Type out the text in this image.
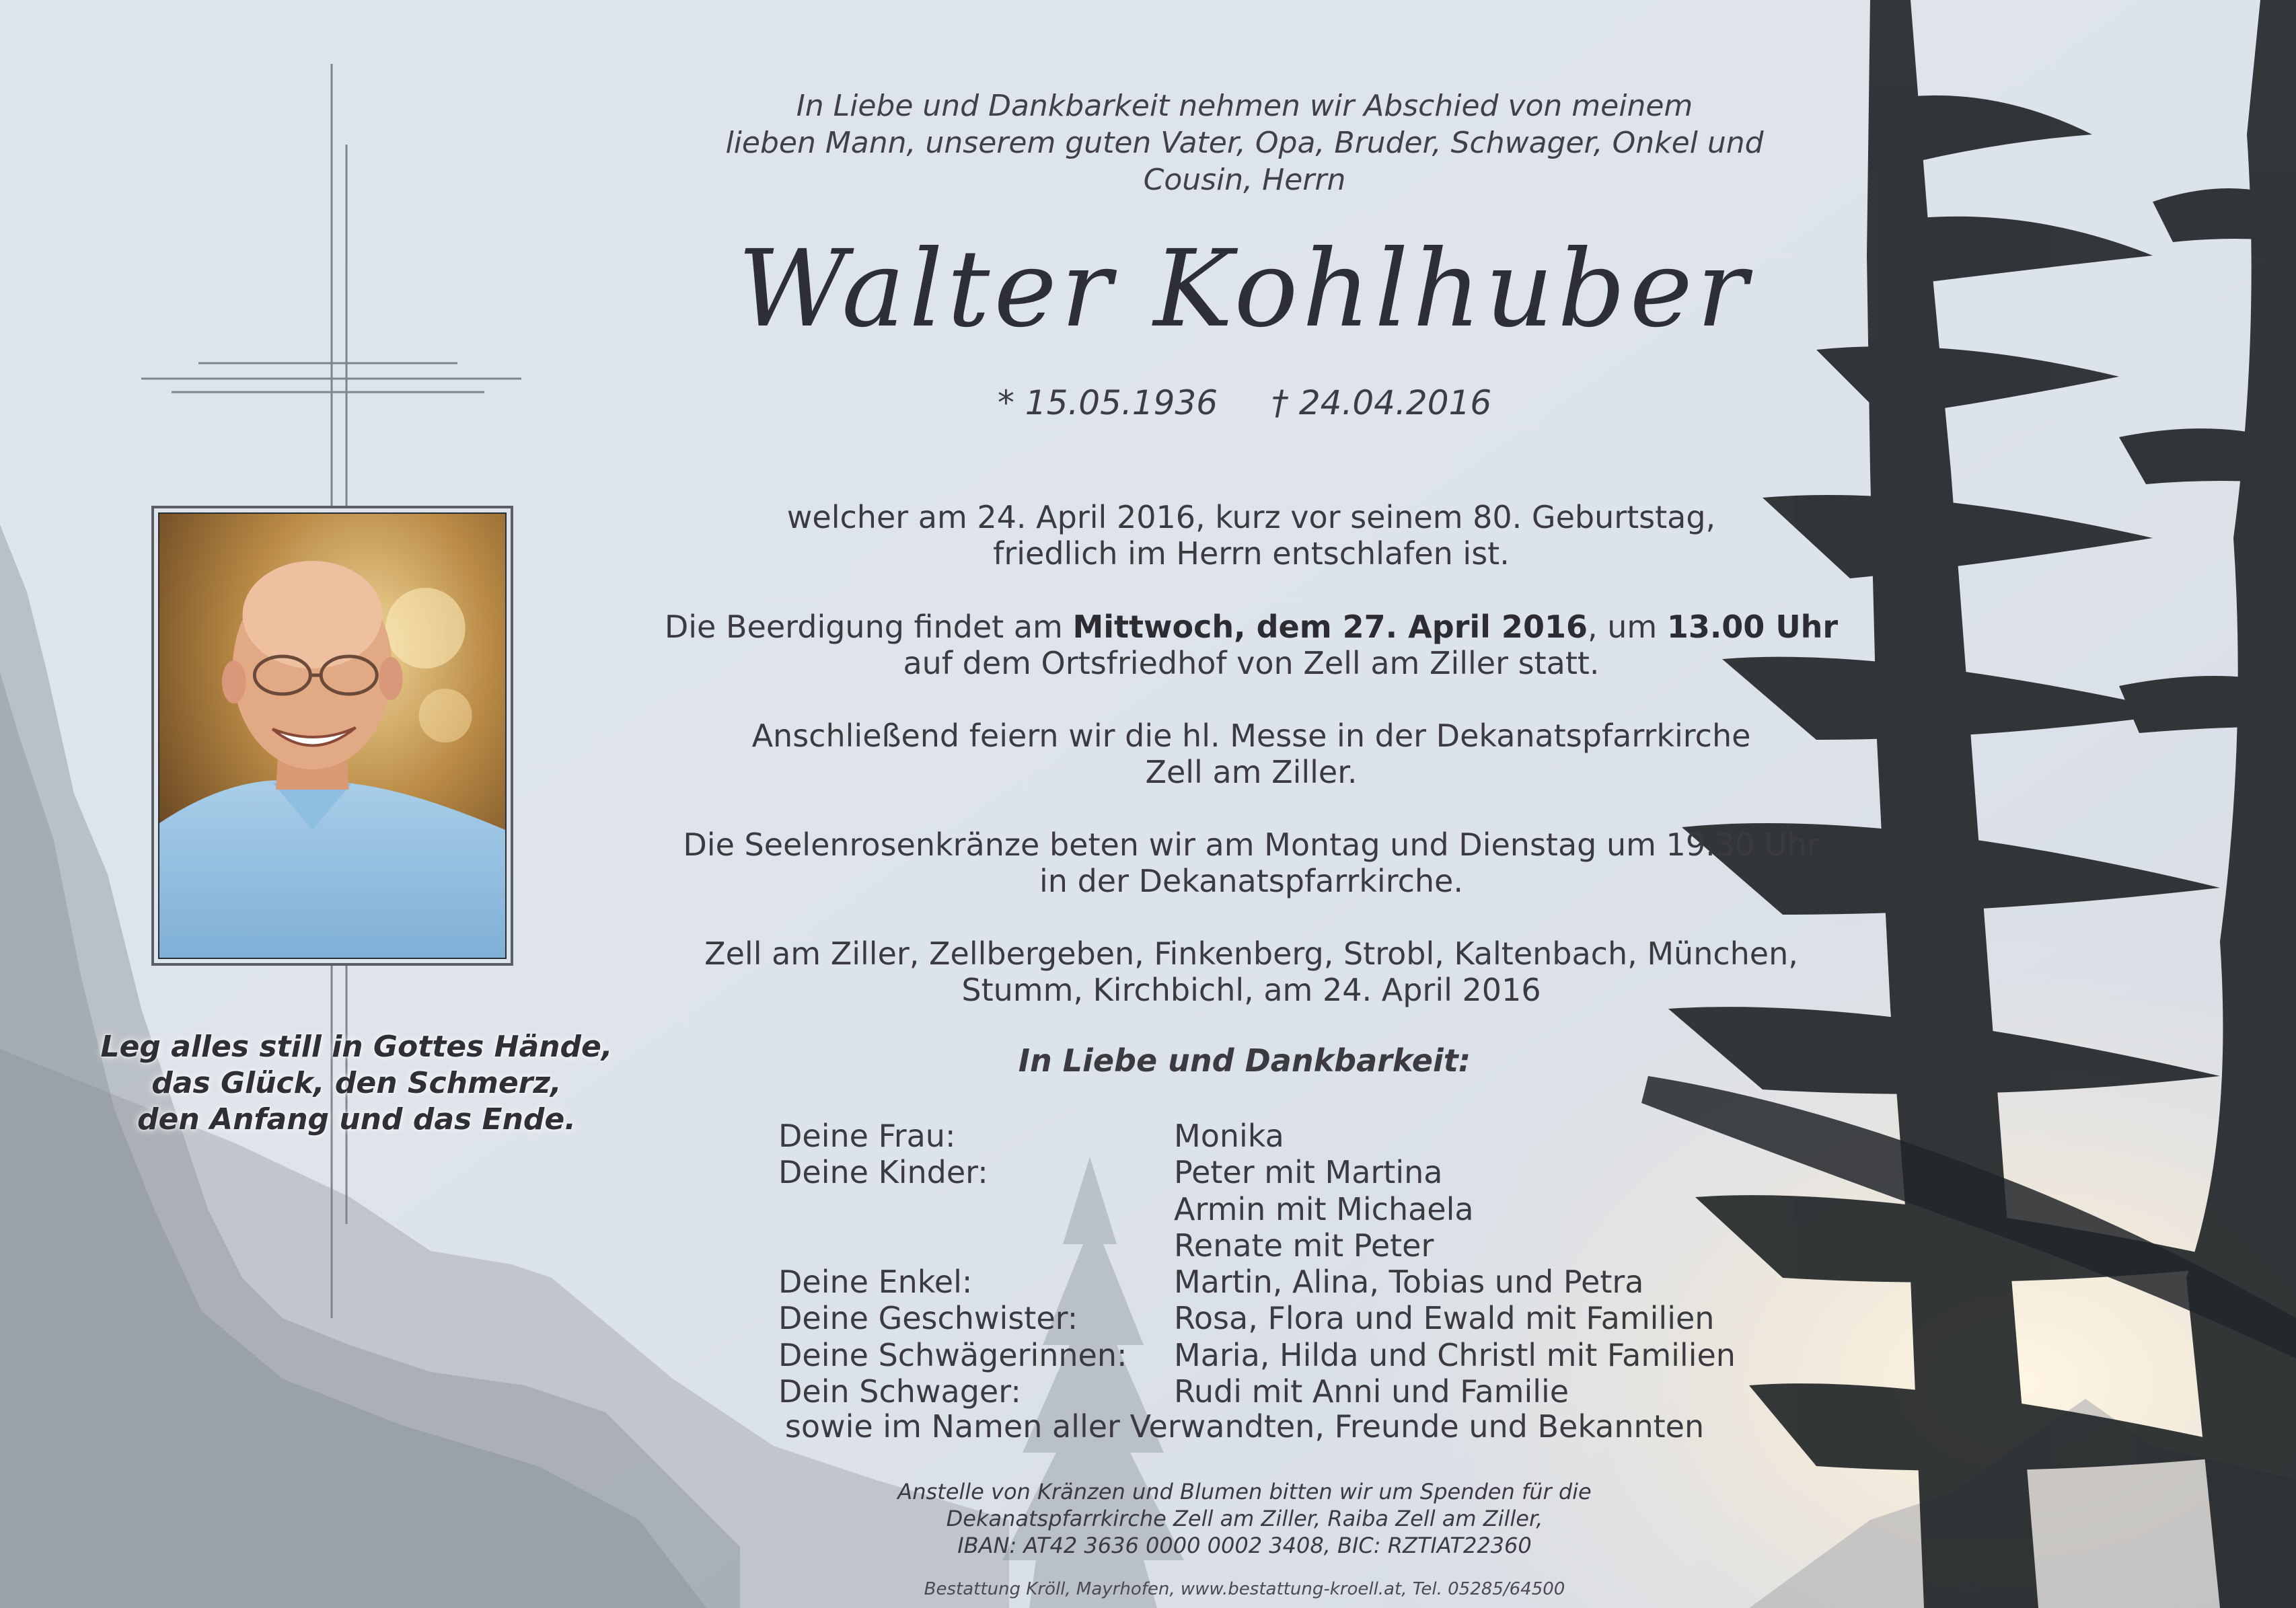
In Liebe und Dankbarkeit nehmen wir Abschied von meinem
lieben Mann, unserem guten Vater, Opa, Bruder, Schwager, Onkel und
Cousin, Herrn
Walter Kohlhuber
* 15.05.1936 † 24.04.2016
welcher am 24. April 2016, kurz vor seinem 80. Geburtstag,
friedlich im Herrn entschlafen ist.
Die Beerdigung findet am Mittwoch, dem 27. April 2016, um 13.00 Uhr
auf dem Ortsfriedhof von Zell am Ziller statt.
Anschließend feiern wir die hl. Messe in der Dekanatspfarrkirche
Zell am Ziller.
Die Seelenrosenkränze beten wir am Montag und Dienstag um 19.30 Uhr
in der Dekanatspfarrkirche.
Zell am Ziller, Zellbergeben, Finkenberg, Strobl, Kaltenbach, München,
Stumm, Kirchbichl, am 24. April 2016
In Liebe und Dankbarkeit:
Deine Frau:	Monika
Deine Kinder:	Peter mit Martina
Armin mit Michaela
Renate mit Peter
Deine Enkel:	Martin, Alina, Tobias und Petra
Deine Geschwister:	Rosa, Flora und Ewald mit Familien
Deine Schwägerinnen:	Maria, Hilda und Christl mit Familien
Dein Schwager:	Rudi mit Anni und Familie
sowie im Namen aller Verwandten, Freunde und Bekannten
Anstelle von Kränzen und Blumen bitten wir um Spenden für die
Dekanatspfarrkirche Zell am Ziller, Raiba Zell am Ziller,
IBAN: AT42 3636 0000 0002 3408, BIC: RZTIAT22360
Bestattung Kröll, Mayrhofen, www.bestattung-kroell.at, Tel. 05285/64500
Leg alles still in Gottes Hände,
das Glück, den Schmerz,
den Anfang und das Ende.
